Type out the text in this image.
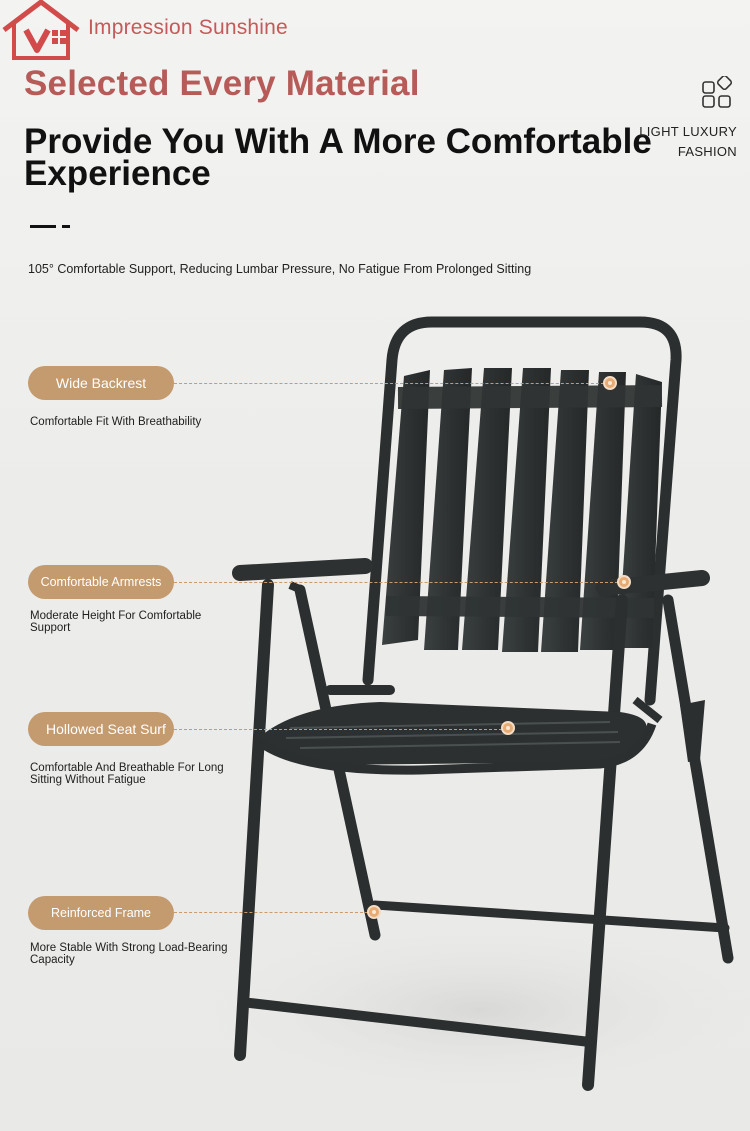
Impression Sunshine
Selected Every Material
Provide You With A More Comfortable Experience
LIGHT LUXURY
FASHION
105° Comfortable Support, Reducing Lumbar Pressure, No Fatigue From Prolonged Sitting
Wide Backrest
Comfortable Fit With Breathability
Comfortable Armrests
Moderate Height For Comfortable Support
Hollowed Seat Surf
Comfortable And Breathable For Long Sitting Without Fatigue
Reinforced Frame
More Stable With Strong Load-Bearing Capacity
